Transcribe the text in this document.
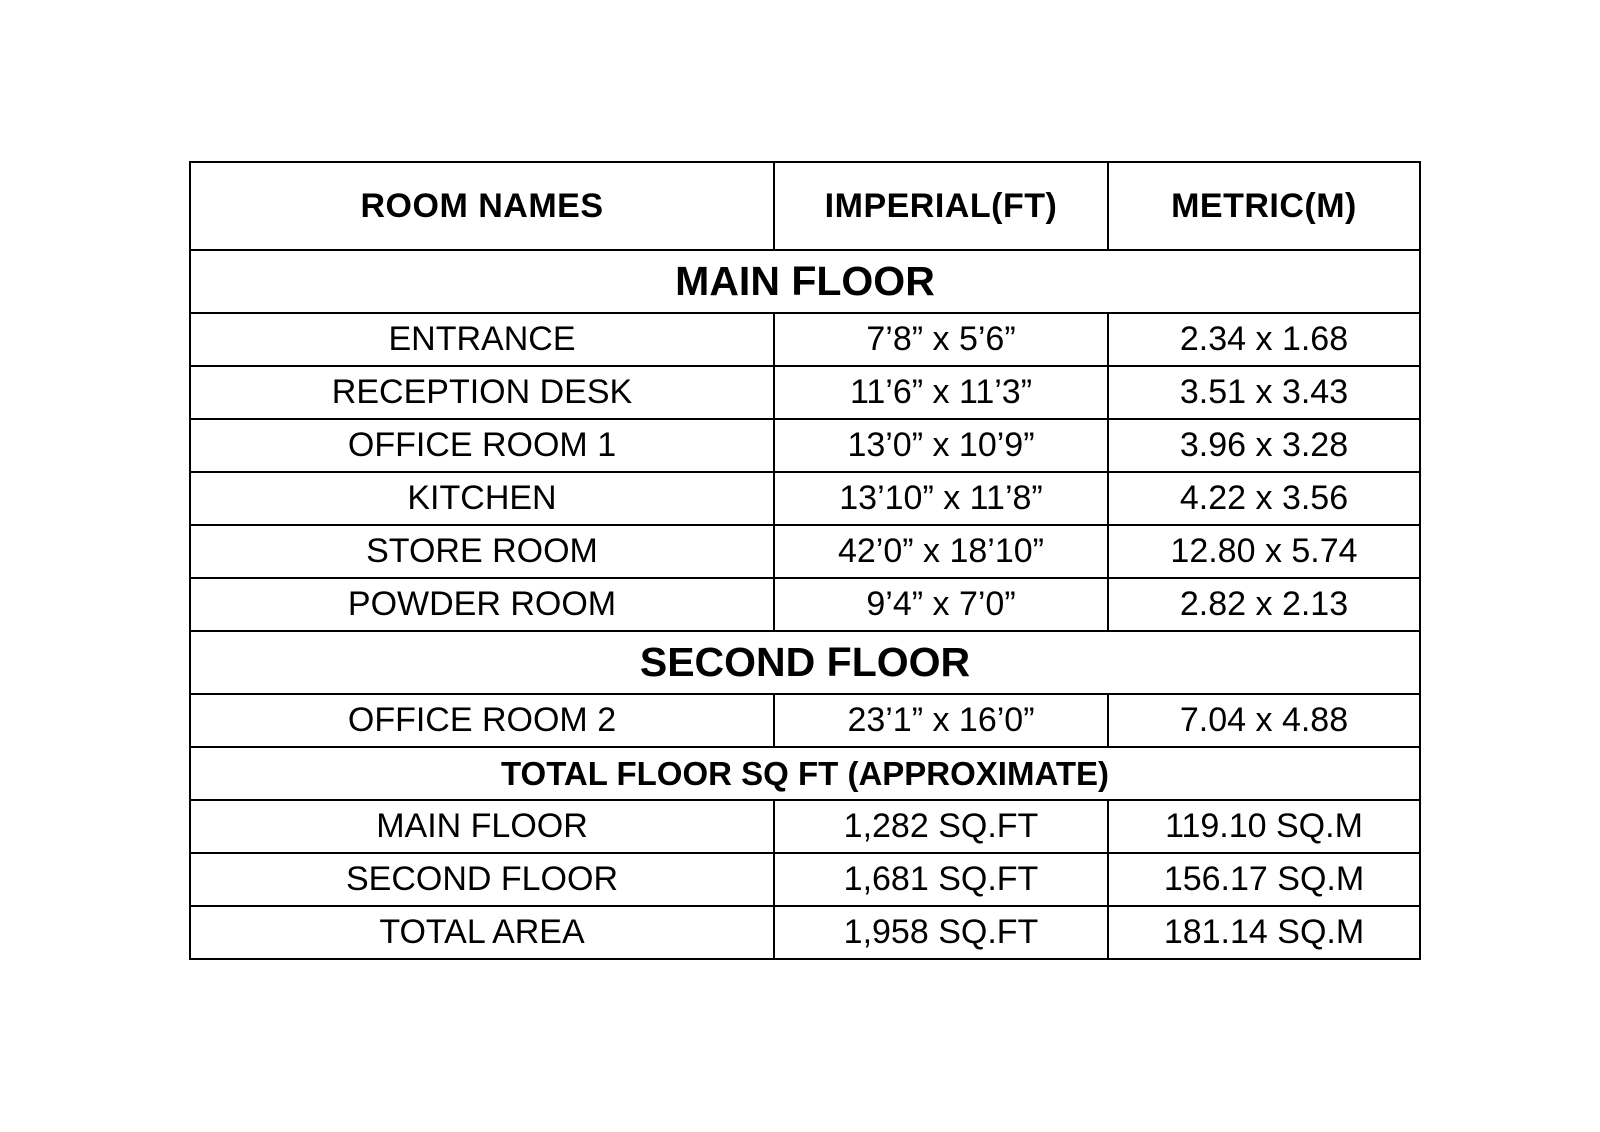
ROOM NAMES	IMPERIAL(FT)	METRIC(M)
MAIN FLOOR		
ENTRANCE	7’8” x 5’6”	2.34 x 1.68
RECEPTION DESK	11’6” x 11’3”	3.51 x 3.43
OFFICE ROOM 1	13’0” x 10’9”	3.96 x 3.28
KITCHEN	13’10” x 11’8”	4.22 x 3.56
STORE ROOM	42’0” x 18’10”	12.80 x 5.74
POWDER ROOM	9’4” x 7’0”	2.82 x 2.13
SECOND FLOOR		
OFFICE ROOM 2	23’1” x 16’0”	7.04 x 4.88
TOTAL FLOOR SQ FT (APPROXIMATE)		
MAIN FLOOR	1,282 SQ.FT	119.10 SQ.M
SECOND FLOOR	1,681 SQ.FT	156.17 SQ.M
TOTAL AREA	1,958 SQ.FT	181.14 SQ.M
